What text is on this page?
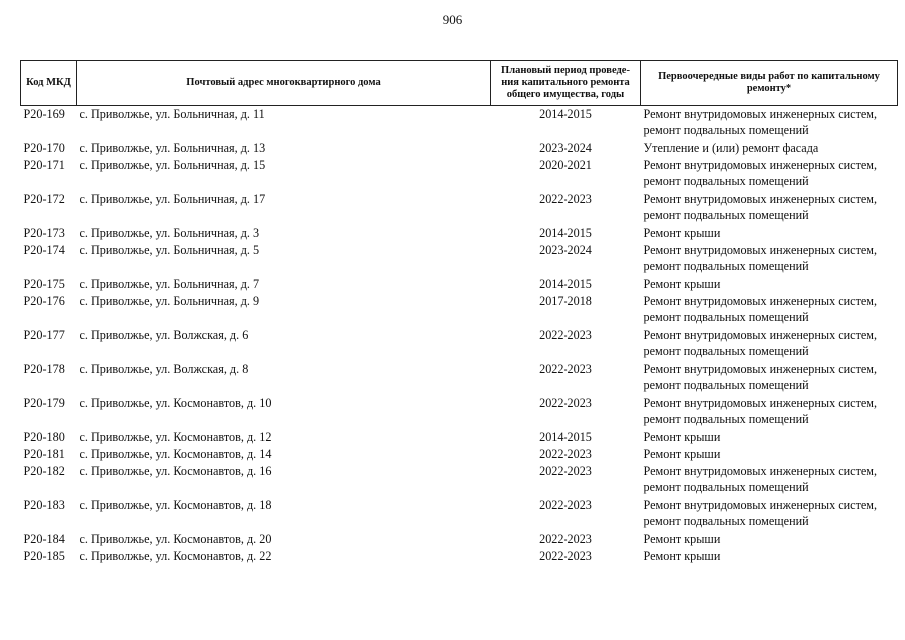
906
Код МКД	Почтовый адрес многоквартирного дома	Плановый период проведе-ния капитального ремонта общего имущества, годы	Первоочередные виды работ по капитальному ремонту*
Р20-169	с. Приволжье, ул. Больничная, д. 11	2014-2015	Ремонт внутридомовых инженерных систем,
ремонт подвальных помещений

Р20-170	с. Приволжье, ул. Больничная, д. 13	2023-2024	Утепление и (или) ремонт фасада

Р20-171	с. Приволжье, ул. Больничная, д. 15	2020-2021	Ремонт внутридомовых инженерных систем,
ремонт подвальных помещений

Р20-172	с. Приволжье, ул. Больничная, д. 17	2022-2023	Ремонт внутридомовых инженерных систем,
ремонт подвальных помещений

Р20-173	с. Приволжье, ул. Больничная, д. 3	2014-2015	Ремонт крыши

Р20-174	с. Приволжье, ул. Больничная, д. 5	2023-2024	Ремонт внутридомовых инженерных систем,
ремонт подвальных помещений

Р20-175	с. Приволжье, ул. Больничная, д. 7	2014-2015	Ремонт крыши

Р20-176	с. Приволжье, ул. Больничная, д. 9	2017-2018	Ремонт внутридомовых инженерных систем,
ремонт подвальных помещений

Р20-177	с. Приволжье, ул. Волжская, д. 6	2022-2023	Ремонт внутридомовых инженерных систем,
ремонт подвальных помещений

Р20-178	с. Приволжье, ул. Волжская, д. 8	2022-2023	Ремонт внутридомовых инженерных систем,
ремонт подвальных помещений

Р20-179	с. Приволжье, ул. Космонавтов, д. 10	2022-2023	Ремонт внутридомовых инженерных систем,
ремонт подвальных помещений

Р20-180	с. Приволжье, ул. Космонавтов, д. 12	2014-2015	Ремонт крыши

Р20-181	с. Приволжье, ул. Космонавтов, д. 14	2022-2023	Ремонт крыши

Р20-182	с. Приволжье, ул. Космонавтов, д. 16	2022-2023	Ремонт внутридомовых инженерных систем,
ремонт подвальных помещений

Р20-183	с. Приволжье, ул. Космонавтов, д. 18	2022-2023	Ремонт внутридомовых инженерных систем,
ремонт подвальных помещений

Р20-184	с. Приволжье, ул. Космонавтов, д. 20	2022-2023	Ремонт крыши

Р20-185	с. Приволжье, ул. Космонавтов, д. 22	2022-2023	Ремонт крыши
